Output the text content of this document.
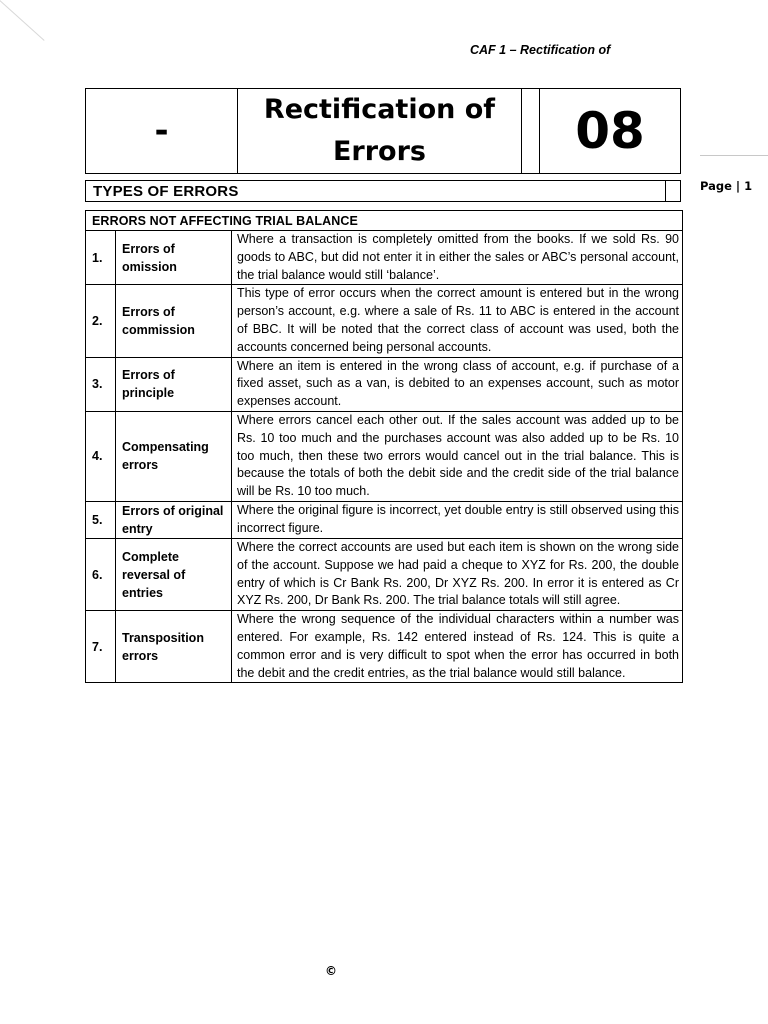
CAF 1 – Rectification of
-
Rectification of Errors	08
Page | 1
TYPES OF ERRORS
ERRORS NOT AFFECTING TRIAL BALANCE		
1.	Errors of omission	Where a transaction is completely omitted from the books. If we sold Rs. 90 goods to ABC, but did not enter it in either the sales or ABC’s personal account, the trial balance would still ‘balance’.
2.	Errors of commission	This type of error occurs when the correct amount is entered but in the wrong person’s account, e.g. where a sale of Rs. 11 to ABC is entered in the account of BBC. It will be noted that the correct class of account was used, both the accounts concerned being personal accounts.
3.	Errors of principle	Where an item is entered in the wrong class of account, e.g. if purchase of a fixed asset, such as a van, is debited to an expenses account, such as motor expenses account.
4.	Compensating errors	Where errors cancel each other out. If the sales account was added up to be Rs. 10 too much and the purchases account was also added up to be Rs. 10 too much, then these two errors would cancel out in the trial balance. This is because the totals of both the debit side and the credit side of the trial balance will be Rs. 10 too much.
5.	Errors of original entry	Where the original figure is incorrect, yet double entry is still observed using this incorrect figure.
6.	Complete reversal of entries	Where the correct accounts are used but each item is shown on the wrong side of the account. Suppose we had paid a cheque to XYZ for Rs. 200, the double entry of which is Cr Bank Rs. 200, Dr XYZ Rs. 200. In error it is entered as Cr XYZ Rs. 200, Dr Bank Rs. 200. The trial balance totals will still agree.
7.	Transposition errors	Where the wrong sequence of the individual characters within a number was entered. For example, Rs. 142 entered instead of Rs. 124. This is quite a common error and is very difficult to spot when the error has occurred in both the debit and the credit entries, as the trial balance would still balance.
©
